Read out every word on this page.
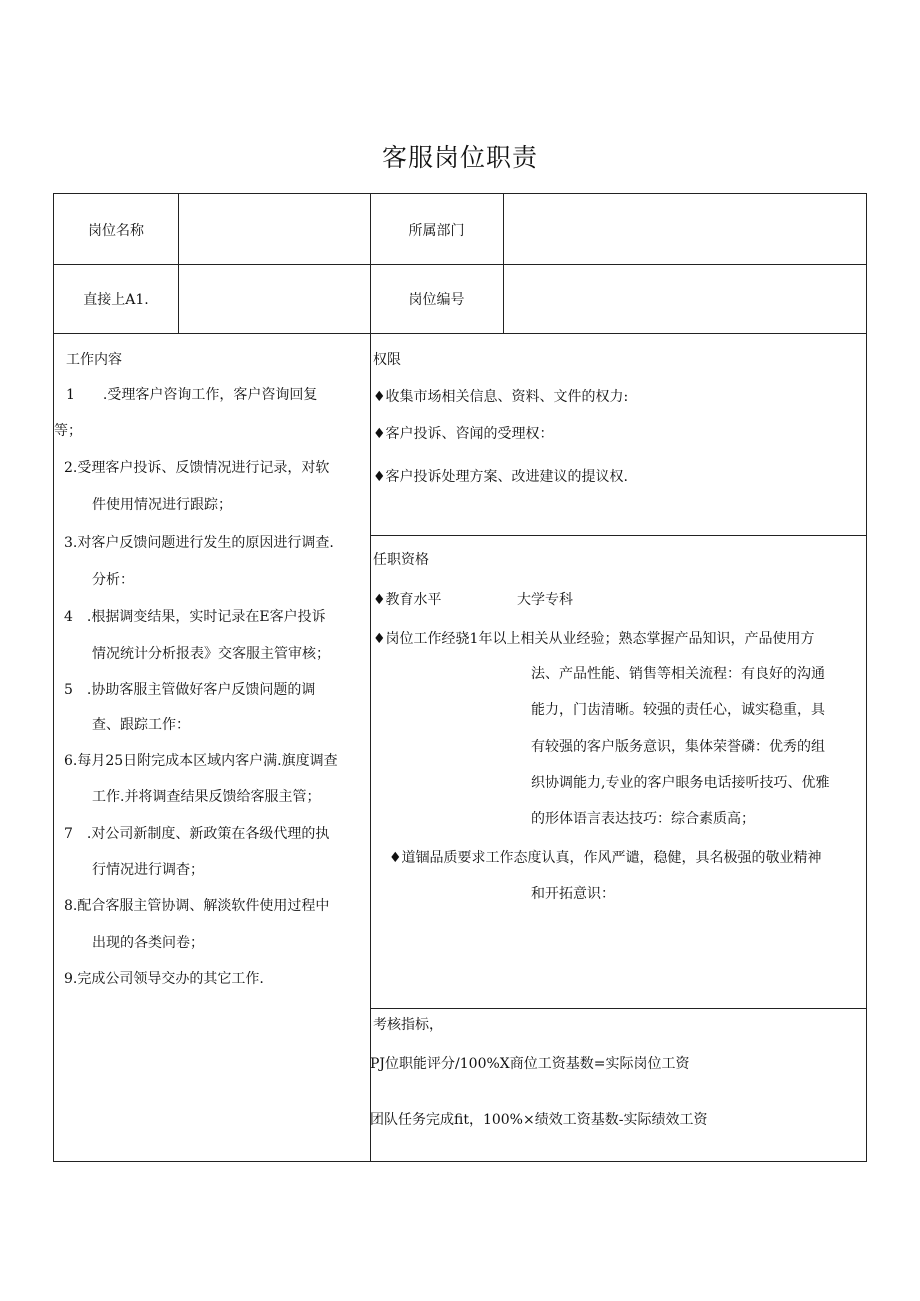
客服岗位职责
岗位名称	所属部门
直接上A1.	岗位编号
工作内容
1　　.受理客户咨询工作，客户咨询回复
等；
2.受理客户投诉、反馈情况进行记录，对软
件使用情况进行跟踪；
3.对客户反馈问题进行发生的原因进行调查.
分析：
4　.根据调变结果，实时记录在E客户投诉
情况统计分析报表》交客服主管审核；
5　.协助客服主管做好客户反馈问题的调
查、跟踪工作：
6.每月25日附完成本区域内客户满.旗度调查
工作.并将调查结果反馈给客服主管；
7　.对公司新制度、新政策在各级代理的执
行情况进行调杳；
8.配合客服主管协调、解淡软件使用过程中
出现的各类问卷；
9.完成公司领导交办的其它工作.
权限
♦收集市场相关信息、资料、文件的权力:
♦客户投诉、咨闻的受理权：
♦客户投诉处理方案、改进建议的提议权.
任职资格
♦教育水平	大学专科
♦岗位工作经骁1年以上相关从业经验；熟态掌握产品知识，产品使用方
法、产品性能、销售等相关流程：有良好的沟通
能力，门齿清晰。较强的责任心，诚实稳重，具
有较强的客户版务意识，集体荣誉磷：优秀的组
织协调能力,专业的客户眼务电话接听技巧、优雅
的形体语言表达技巧：综合素质高；
♦道锢品质要求工作态度认真，作风严谴，稳健，具名极强的敬业精神
和开拓意识：
考核指标，
PJ位职能评分/100%X商位工资基数=实际岗位工资
团队任务完成fit，100%×绩效工资基数-实际绩效工资
